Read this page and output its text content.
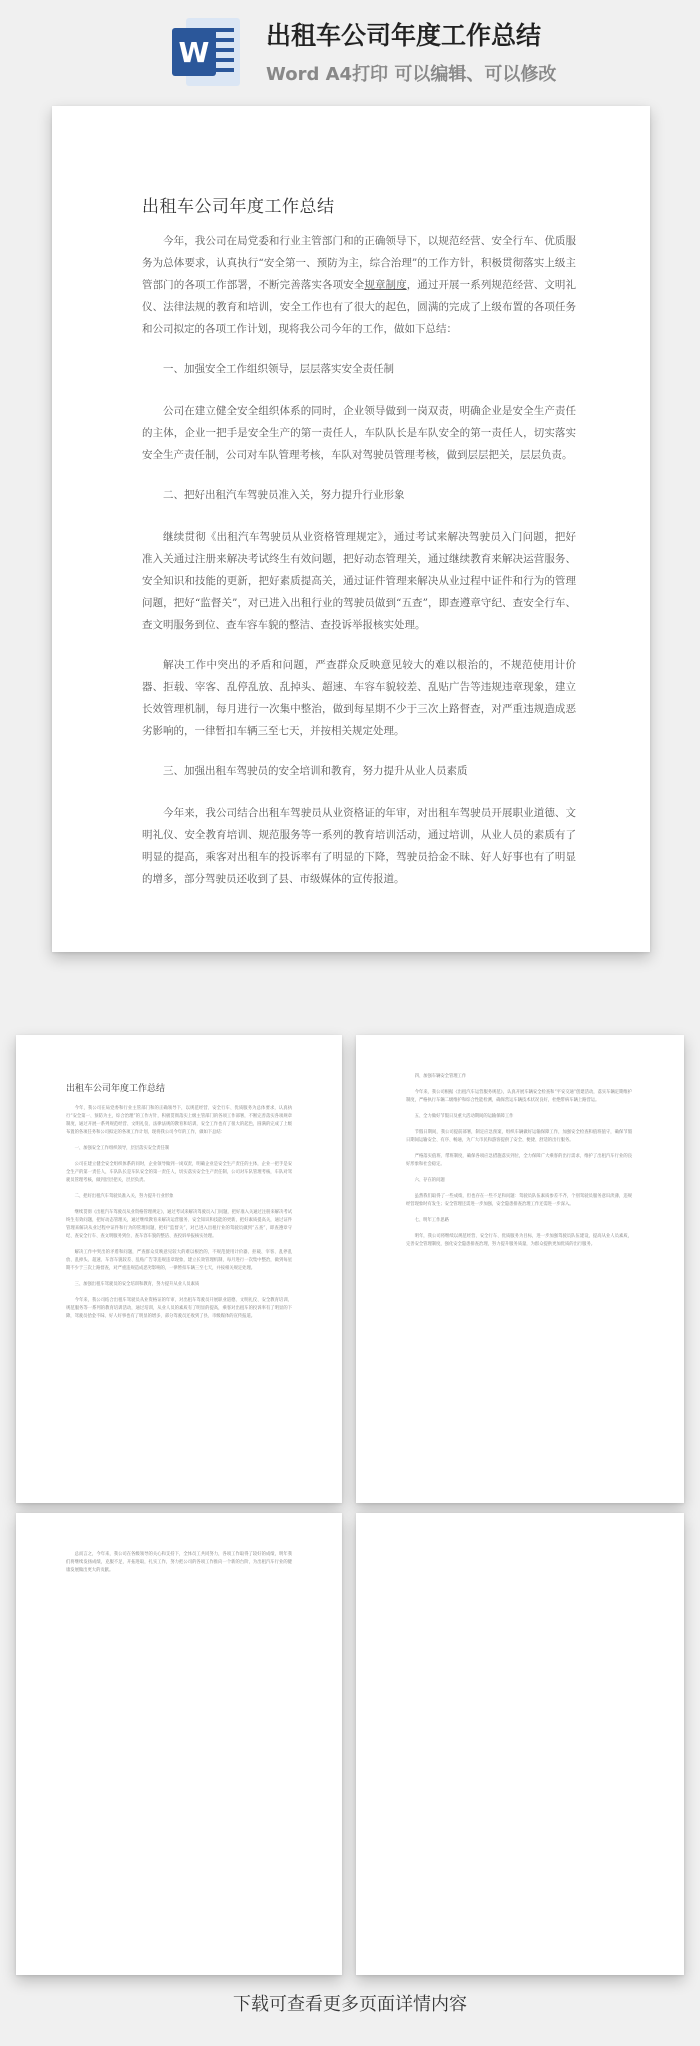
W
出租车公司年度工作总结
Word A4打印 可以编辑、可以修改
出租车公司年度工作总结

今年，我公司在局党委和行业主管部门和的正确领导下，以规范经营、安全行车、优质服务为总体要求，认真执行“安全第一、预防为主，综合治理”的工作方针，积极贯彻落实上级主管部门的各项工作部署，不断完善落实各项安全规章制度，通过开展一系列规范经营、文明礼仪、法律法规的教育和培训，安全工作也有了很大的起色，圆满的完成了上级布置的各项任务和公司拟定的各项工作计划，现将我公司今年的工作，做如下总结：

一、加强安全工作组织领导，层层落实安全责任制

公司在建立健全安全组织体系的同时，企业领导做到一岗双责，明确企业是安全生产责任的主体，企业一把手是安全生产的第一责任人，车队队长是车队安全的第一责任人，切实落实安全生产责任制，公司对车队管理考核，车队对驾驶员管理考核，做到层层把关，层层负责。

二、把好出租汽车驾驶员准入关，努力提升行业形象

继续贯彻《出租汽车驾驶员从业资格管理规定》，通过考试来解决驾驶员入门问题，把好准入关通过注册来解决考试终生有效问题，把好动态管理关，通过继续教育来解决运营服务、安全知识和技能的更新，把好素质提高关，通过证件管理来解决从业过程中证件和行为的管理问题，把好“监督关”，对已进入出租行业的驾驶员做到“五查”，即查遵章守纪、查安全行车、查文明服务到位、查车容车貌的整洁、查投诉举报核实处理。

解决工作中突出的矛盾和问题，严查群众反映意见较大的难以根治的，不规范使用计价器、拒载、宰客、乱停乱放、乱掉头、超速、车容车貌较差、乱贴广告等违规违章现象，建立长效管理机制，每月进行一次集中整治，做到每星期不少于三次上路督查，对严重违规造成恶劣影响的，一律暂扣车辆三至七天，并按相关规定处理。

三、加强出租车驾驶员的安全培训和教育，努力提升从业人员素质

今年来，我公司结合出租车驾驶员从业资格证的年审，对出租车驾驶员开展职业道德、文明礼仪、安全教育培训、规范服务等一系列的教育培训活动，通过培训，从业人员的素质有了明显的提高，乘客对出租车的投诉率有了明显的下降，驾驶员拾金不昧、好人好事也有了明显的增多，部分驾驶员还收到了县、市级媒体的宣传报道。

出租车公司年度工作总结

今年，我公司在局党委和行业主管部门和的正确领导下，以规范经营、安全行车、优质服务为总体要求，认真执行“安全第一、预防为主，综合治理”的工作方针，积极贯彻落实上级主管部门的各项工作部署，不断完善落实各项规章制度，通过开展一系列规范经营、文明礼仪、法律法规的教育和培训，安全工作也有了很大的起色，圆满的完成了上级布置的各项任务和公司拟定的各项工作计划，现将我公司今年的工作，做如下总结：

一、加强安全工作组织领导，层层落实安全责任制

公司在建立健全安全组织体系的同时，企业领导做到一岗双责，明确企业是安全生产责任的主体，企业一把手是安全生产的第一责任人，车队队长是车队安全的第一责任人，切实落实安全生产责任制，公司对车队管理考核，车队对驾驶员管理考核，做到层层把关，层层负责。

二、把好出租汽车驾驶员准入关，努力提升行业形象

继续贯彻《出租汽车驾驶员从业资格管理规定》，通过考试来解决驾驶员入门问题，把好准入关通过注册来解决考试终生有效问题，把好动态管理关，通过继续教育来解决运营服务、安全知识和技能的更新，把好素质提高关，通过证件管理来解决从业过程中证件和行为的管理问题，把好“监督关”，对已进入出租行业的驾驶员做到“五查”，即查遵章守纪、查安全行车、查文明服务到位、查车容车貌的整洁、查投诉举报核实处理。

解决工作中突出的矛盾和问题，严查群众反映意见较大的难以根治的，不规范使用计价器、拒载、宰客、乱停乱放、乱掉头、超速、车容车貌较差、乱贴广告等违规违章现象，建立长效管理机制，每月进行一次集中整治，做到每星期不少于三次上路督查，对严重违规造成恶劣影响的，一律暂扣车辆三至七天，并按相关规定处理。

三、加强出租车驾驶员的安全培训和教育，努力提升从业人员素质

今年来，我公司结合出租车驾驶员从业资格证的年审，对出租车驾驶员开展职业道德、文明礼仪、安全教育培训、规范服务等一系列的教育培训活动，通过培训，从业人员的素质有了明显的提高，乘客对出租车的投诉率有了明显的下降，驾驶员拾金不昧、好人好事也有了明显的增多，部分驾驶员还收到了县、市级媒体的宣传报道。

四、加强车辆安全管理工作

今年来，我公司根据《出租汽车运营服务规范》，认真开展车辆安全检查和“平安交通”创建活动，落实车辆定期维护制度，严格执行车辆二级维护和综合性能检测，确保营运车辆技术状况良好，杜绝带病车辆上路营运。

五、全力做好节假日及重大活动期间的运输保障工作

节假日期间，我公司提前部署，制定应急预案，组织车辆做好运输保障工作，加强安全检查和值班值守，确保节假日期间运输安全、有序、畅通，为广大市民和游客提供了安全、便捷、舒适的出行服务。

严格落实值班、带班制度，确保各项应急措施落实到位，全力保障广大乘客的出行需求，维护了出租汽车行业的良好形象和社会稳定。

六、存在的问题

虽然我们取得了一些成绩，但也存在一些不足和问题：驾驶员队伍素质参差不齐，个别驾驶员服务意识淡薄，违规经营现象时有发生；安全管理还需进一步加强，安全隐患排查治理工作还需进一步深入。

七、明年工作思路

明年，我公司将继续以规范经营、安全行车、优质服务为目标，进一步加强驾驶员队伍建设，提高从业人员素质，完善安全管理制度，强化安全隐患排查治理，努力提升服务质量，为群众提供更加优质的出行服务。

总而言之，今年来，我公司在各级领导的关心和支持下，全体员工共同努力，各项工作取得了较好的成绩，明年我们将继续发扬成绩，克服不足，开拓进取，扎实工作，努力把公司的各项工作推向一个新的台阶，为出租汽车行业的健康发展做出更大的贡献。

下载可查看更多页面详情内容
